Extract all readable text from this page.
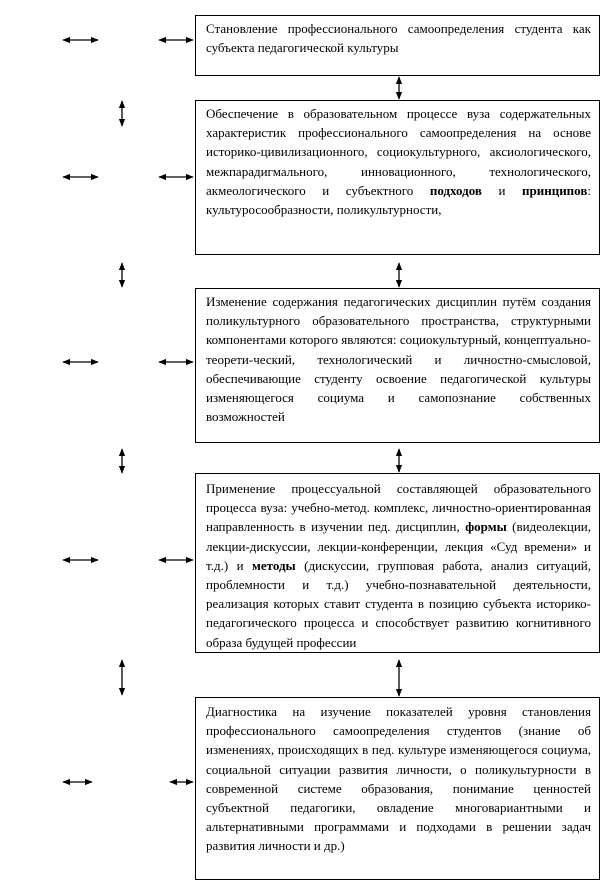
Становление профессионального самоопределения студента как субъекта педагогической культуры
Обеспечение в образовательном процессе вуза содержательных характеристик профессионального самоопределения на основе историко-цивилизационного, социокультурного, аксиологического, межпарадигмального, инновационного, технологического, акмеологического и субъектного подходов и принципов: культуросообразности, поликультурности,
Изменение содержания педагогических дисциплин путём создания поликультурного образовательного пространства, структурными компонентами которого являются: социокультурный, концептуально-теорети-ческий, технологический и личностно-смысловой, обеспечивающие студенту освоение педагогической культуры изменяющегося социума и самопознание собственных возможностей
Применение процессуальной составляющей образовательного процесса вуза: учебно-метод. комплекс, личностно-ориентированная направленность в изучении пед. дисциплин, формы (видеолекции, лекции-дискуссии, лекции-конференции, лекция «Суд времени» и т.д.) и методы (дискуссии, групповая работа, анализ ситуаций, проблемности и т.д.) учебно-познавательной деятельности, реализация которых ставит студента в позицию субъекта историко-педагогического процесса и способствует развитию когнитивного образа будущей профессии
Диагностика на изучение показателей уровня становления профессионального самоопределения студентов (знание об изменениях, происходящих в пед. культуре изменяющегося социума, социальной ситуации развития личности, о поликультурности в современной системе образования, понимание ценностей субъектной педагогики, овладение многовариантными и альтернативными программами и подходами в решении задач развития личности и др.)
